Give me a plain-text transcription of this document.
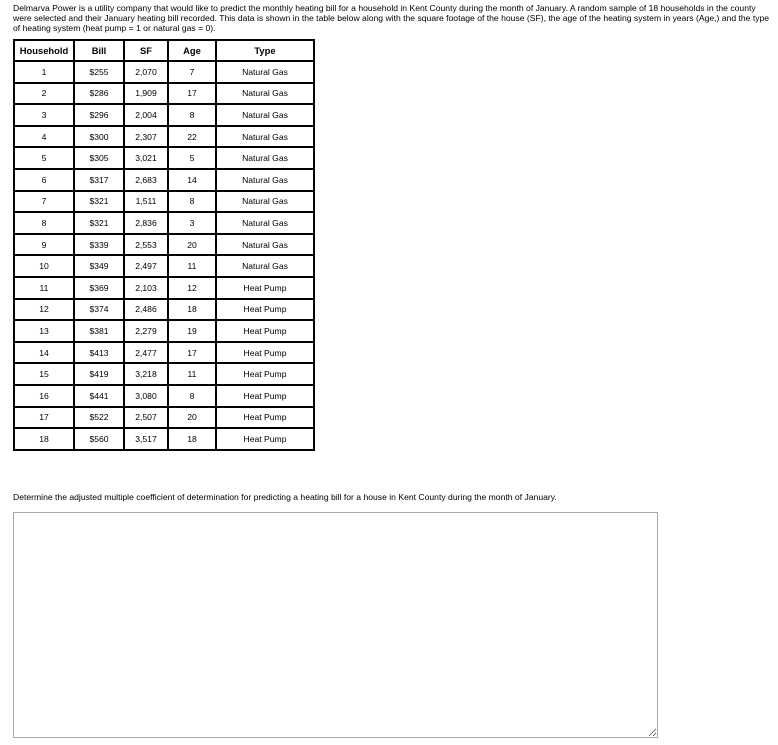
Delmarva Power is a utility company that would like to predict the monthly heating bill for a household in Kent County during the month of January. A random sample of 18 households in the county were selected and their January heating bill recorded. This data is shown in the table below along with the square footage of the house (SF), the age of the heating system in years (Age,) and the type of heating system (heat pump = 1 or natural gas = 0).
Household	Bill	SF	Age	Type
1	$255	2,070	7	Natural Gas
2	$286	1,909	17	Natural Gas
3	$296	2,004	8	Natural Gas
4	$300	2,307	22	Natural Gas
5	$305	3,021	5	Natural Gas
6	$317	2,683	14	Natural Gas
7	$321	1,511	8	Natural Gas
8	$321	2,836	3	Natural Gas
9	$339	2,553	20	Natural Gas
10	$349	2,497	11	Natural Gas
11	$369	2,103	12	Heat Pump
12	$374	2,486	18	Heat Pump
13	$381	2,279	19	Heat Pump
14	$413	2,477	17	Heat Pump
15	$419	3,218	11	Heat Pump
16	$441	3,080	8	Heat Pump
17	$522	2,507	20	Heat Pump
18	$560	3,517	18	Heat Pump
Determine the adjusted multiple coefficient of determination for predicting a heating bill for a house in Kent County during the month of January.
